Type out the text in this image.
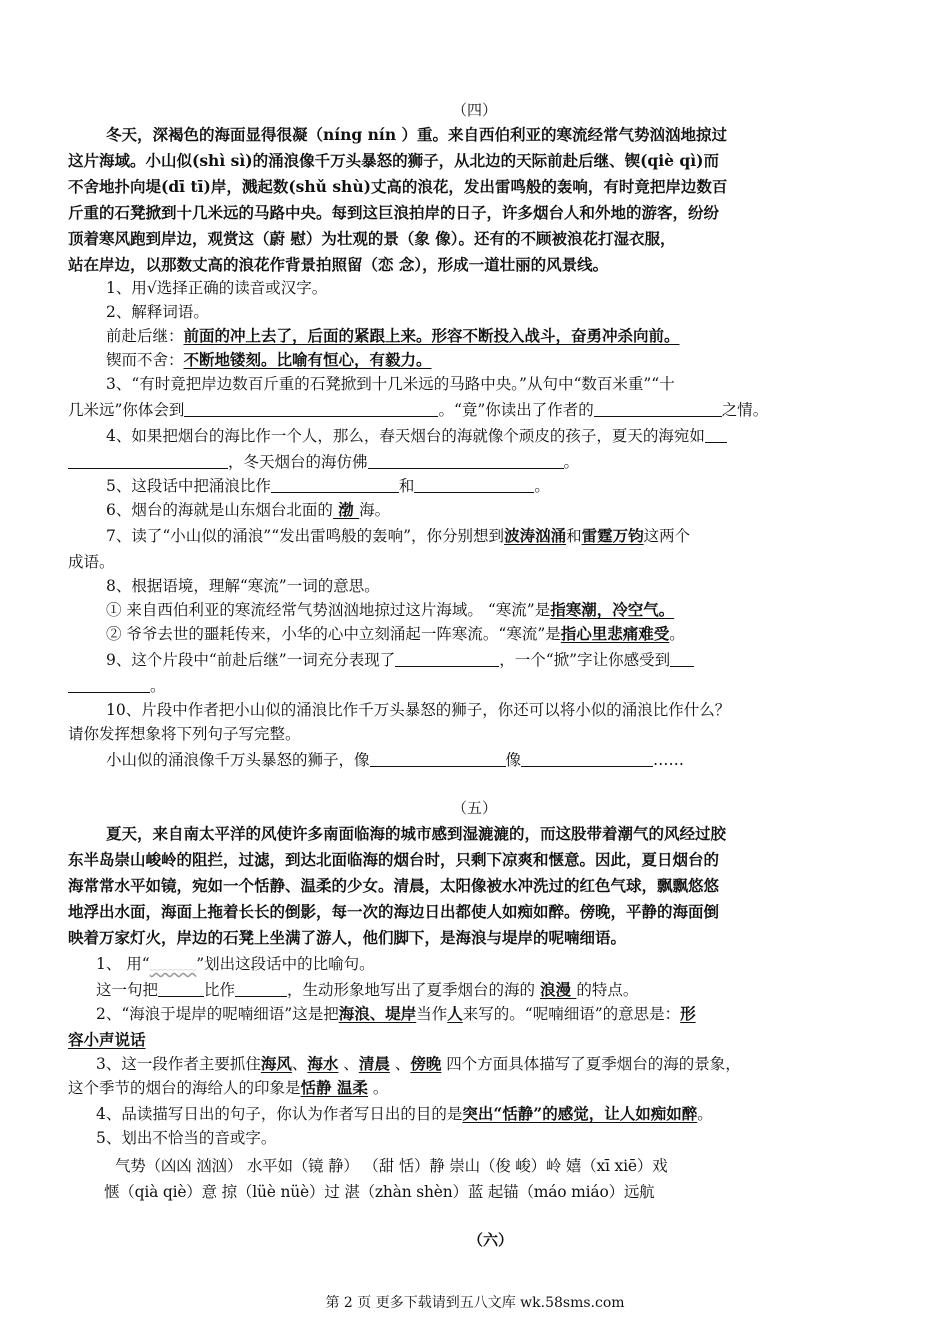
（四）
冬天，深褐色的海面显得很凝（níng nín ）重。来自西伯利亚的寒流经常气势汹汹地掠过
这片海域。小山似(shì sì)的涌浪像千万头暴怒的狮子，从北边的天际前赴后继、锲(qiè qì)而
不舍地扑向堤(dī tī)岸，溅起数(shǔ shù)丈高的浪花，发出雷鸣般的轰响，有时竟把岸边数百
斤重的石凳掀到十几米远的马路中央。每到这巨浪拍岸的日子，许多烟台人和外地的游客，纷纷
顶着寒风跑到岸边，观赏这（蔚 慰）为壮观的景（象 像）。还有的不顾被浪花打湿衣服，
站在岸边，以那数丈高的浪花作背景拍照留（恋 念），形成一道壮丽的风景线。
1、用√选择正确的读音或汉字。
2、解释词语。
前赴后继：前面的冲上去了，后面的紧跟上来。形容不断投入战斗，奋勇冲杀向前。
锲而不舍：不断地镂刻。比喻有恒心，有毅力。
3、“有时竟把岸边数百斤重的石凳掀到十几米远的马路中央。”从句中“数百米重”“十
几米远”你体会到	。“竟”你读出了作者的	之情。
4、如果把烟台的海比作一个人，那么，春天烟台的海就像个顽皮的孩子，夏天的海宛如
，冬天烟台的海仿佛	。
5、这段话中把涌浪比作	和	。
6、烟台的海就是山东烟台北面的 渤 海。
7、读了“小山似的涌浪”“发出雷鸣般的轰响”，你分别想到波涛汹涌和雷霆万钧这两个
成语。
8、根据语境，理解“寒流”一词的意思。
① 来自西伯利亚的寒流经常气势汹汹地掠过这片海域。 “寒流”是指寒潮，冷空气。
② 爷爷去世的噩耗传来，小华的心中立刻涌起一阵寒流。“寒流”是指心里悲痛难受。
9、这个片段中“前赴后继”一词充分表现了	，一个“掀”字让你感受到
。
10、片段中作者把小山似的涌浪比作千万头暴怒的狮子，你还可以将小似的涌浪比作什么？
请你发挥想象将下列句子写完整。
小山似的涌浪像千万头暴怒的狮子，像	像	……
（五）
夏天，来自南太平洋的风使许多南面临海的城市感到湿漉漉的，而这股带着潮气的风经过胶
东半岛崇山峻岭的阻拦，过滤，到达北面临海的烟台时，只剩下凉爽和惬意。因此，夏日烟台的
海常常水平如镜，宛如一个恬静、温柔的少女。清晨，太阳像被水冲洗过的红色气球，飘飘悠悠
地浮出水面，海面上拖着长长的倒影，每一次的海边日出都使人如痴如醉。傍晚，平静的海面倒
映着万家灯火，岸边的石凳上坐满了游人，他们脚下，是海浪与堤岸的呢喃细语。
1、 用“﹏﹏﹏”划出这段话中的比喻句。
这一句把	比作	，生动形象地写出了夏季烟台的海的 浪漫 的特点。
2、“海浪于堤岸的呢喃细语”这是把海浪、堤岸当作人来写的。“呢喃细语”的意思是：形
容小声说话
3、这一段作者主要抓住海风、海水 、清晨 、傍晚 四个方面具体描写了夏季烟台的海的景象，
这个季节的烟台的海给人的印象是恬静 温柔 。
4、品读描写日出的句子，你认为作者写日出的目的是突出“恬静”的感觉，让人如痴如醉。
5、划出不恰当的音或字。
气势（凶凶 汹汹） 水平如（镜 静） （甜 恬）静 崇山（俊 峻）岭 嬉（xī xiē）戏
惬（qià qiè）意 掠（lüè nüè）过 湛（zhàn shèn）蓝 起锚（máo miáo）远航
（六）
第 2 页 更多下载请到五八文库 wk.58sms.com
